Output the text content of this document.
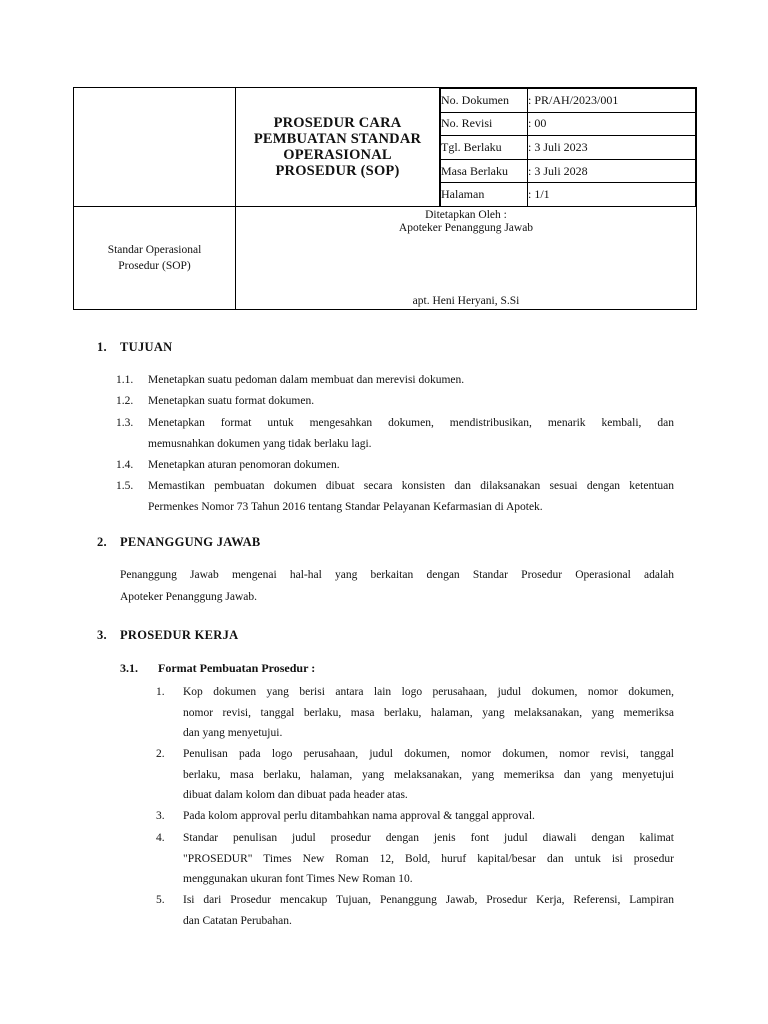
PROSEDUR CARA
PEMBUATAN STANDAR
OPERASIONAL
PROSEDUR (SOP)

No. Dokumen	: PR/AH/2023/001
No. Revisi	: 00
Tgl. Berlaku	: 3 Juli 2023
Masa Berlaku	: 3 Juli 2028
Halaman	: 1/1

Standar Operasional
Prosedur (SOP)

Ditetapkan Oleh :
Apoteker Penanggung Jawab
apt. Heni Heryani, S.Si
1. TUJUAN
1.1. Menetapkan suatu pedoman dalam membuat dan merevisi dokumen.
1.2. Menetapkan suatu format dokumen.
1.3. Menetapkan format untuk mengesahkan dokumen, mendistribusikan, menarik kembali, dan
memusnahkan dokumen yang tidak berlaku lagi.
1.4. Menetapkan aturan penomoran dokumen.
1.5. Memastikan pembuatan dokumen dibuat secara konsisten dan dilaksanakan sesuai dengan ketentuan
Permenkes Nomor 73 Tahun 2016 tentang Standar Pelayanan Kefarmasian di Apotek.
2. PENANGGUNG JAWAB
Penanggung Jawab mengenai hal-hal yang berkaitan dengan Standar Prosedur Operasional adalah
Apoteker Penanggung Jawab.
3. PROSEDUR KERJA
3.1. Format Pembuatan Prosedur :
1. Kop dokumen yang berisi antara lain logo perusahaan, judul dokumen, nomor dokumen,
nomor revisi, tanggal berlaku, masa berlaku, halaman, yang melaksanakan, yang memeriksa
dan yang menyetujui.
2. Penulisan pada logo perusahaan, judul dokumen, nomor dokumen, nomor revisi, tanggal
berlaku, masa berlaku, halaman, yang melaksanakan, yang memeriksa dan yang menyetujui
dibuat dalam kolom dan dibuat pada header atas.
3. Pada kolom approval perlu ditambahkan nama approval & tanggal approval.
4. Standar penulisan judul prosedur dengan jenis font judul diawali dengan kalimat
"PROSEDUR" Times New Roman 12, Bold, huruf kapital/besar dan untuk isi prosedur
menggunakan ukuran font Times New Roman 10.
5. Isi dari Prosedur mencakup Tujuan, Penanggung Jawab, Prosedur Kerja, Referensi, Lampiran
dan Catatan Perubahan.
